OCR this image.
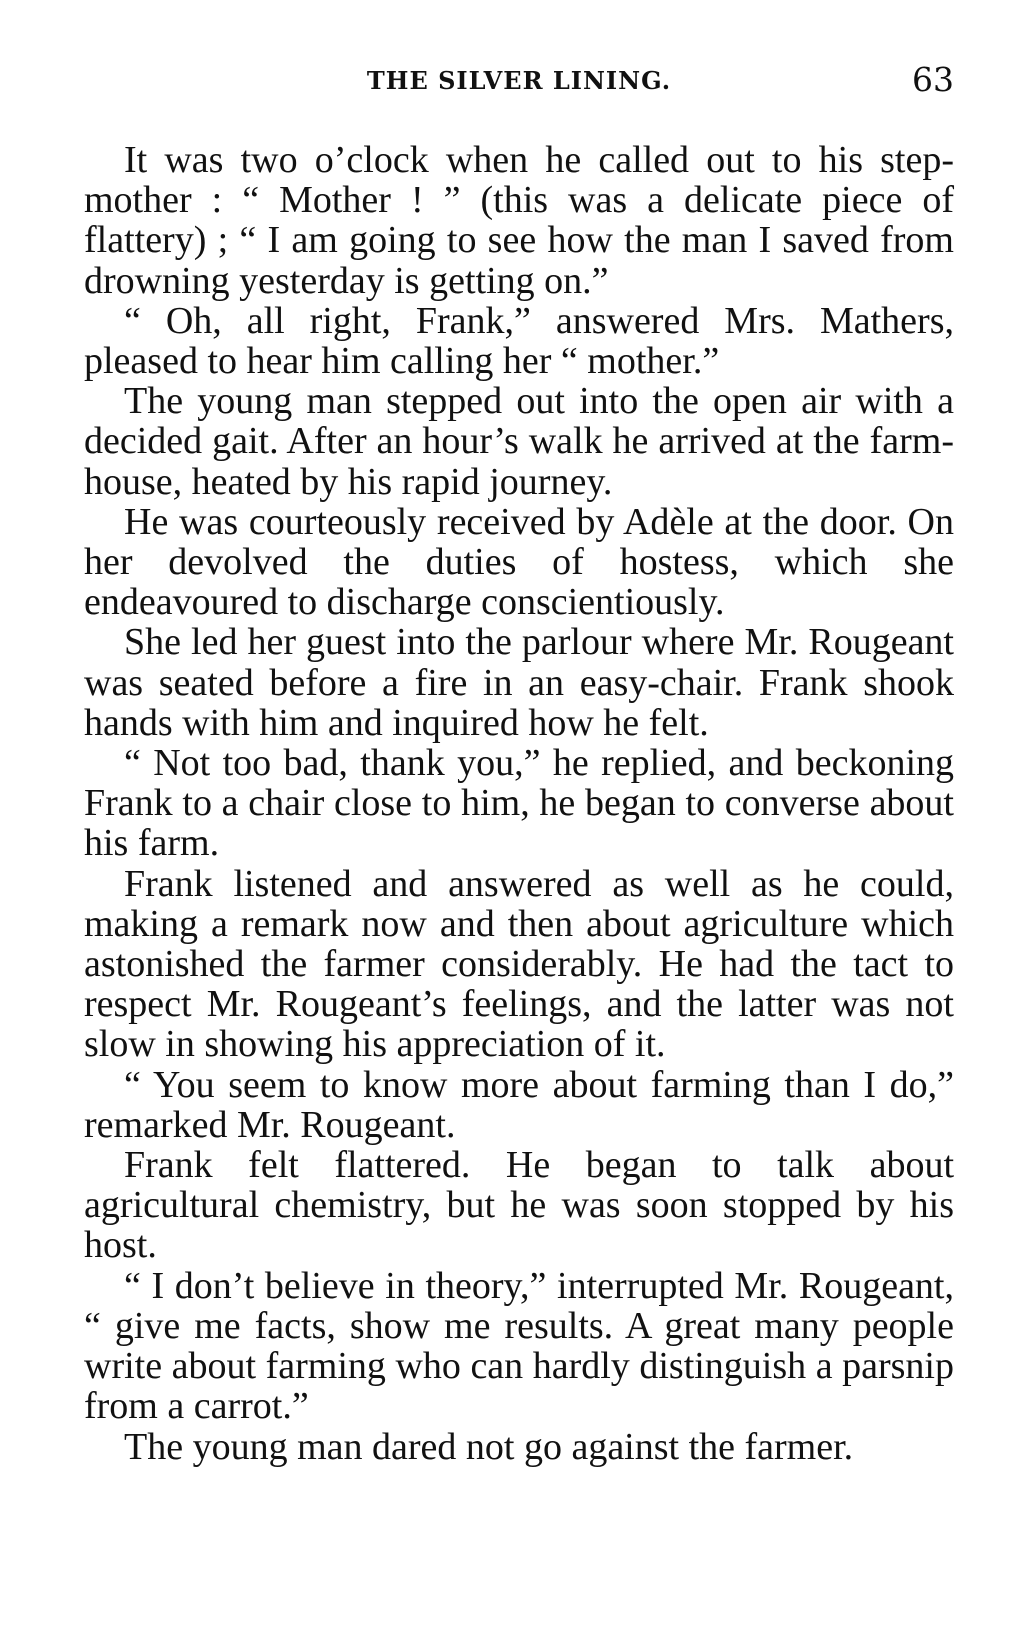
THE SILVER LINING.	63

It was two o’clock when he called out to his step-mother : “ Mother ! ” (this was a delicate piece of flattery) ; “ I am going to see how the man I saved from drowning yesterday is getting on.”

“ Oh, all right, Frank,” answered Mrs. Mathers, pleased to hear him calling her “ mother.”

The young man stepped out into the open air with a decided gait. After an hour’s walk he arrived at the farm-house, heated by his rapid journey.

He was courteously received by Adèle at the door. On her devolved the duties of hostess, which she endeavoured to discharge conscientiously.

She led her guest into the parlour where Mr. Rougeant was seated before a fire in an easy-chair. Frank shook hands with him and inquired how he felt.

“ Not too bad, thank you,” he replied, and beckoning Frank to a chair close to him, he began to converse about his farm.

Frank listened and answered as well as he could, making a remark now and then about agriculture which astonished the farmer considerably. He had the tact to respect Mr. Rougeant’s feelings, and the latter was not slow in showing his appreciation of it.

“ You seem to know more about farming than I do,” remarked Mr. Rougeant.

Frank felt flattered. He began to talk about agricultural chemistry, but he was soon stopped by his host.

“ I don’t believe in theory,” interrupted Mr. Rougeant, “ give me facts, show me results. A great many people write about farming who can hardly distinguish a parsnip from a carrot.”

The young man dared not go against the farmer.
